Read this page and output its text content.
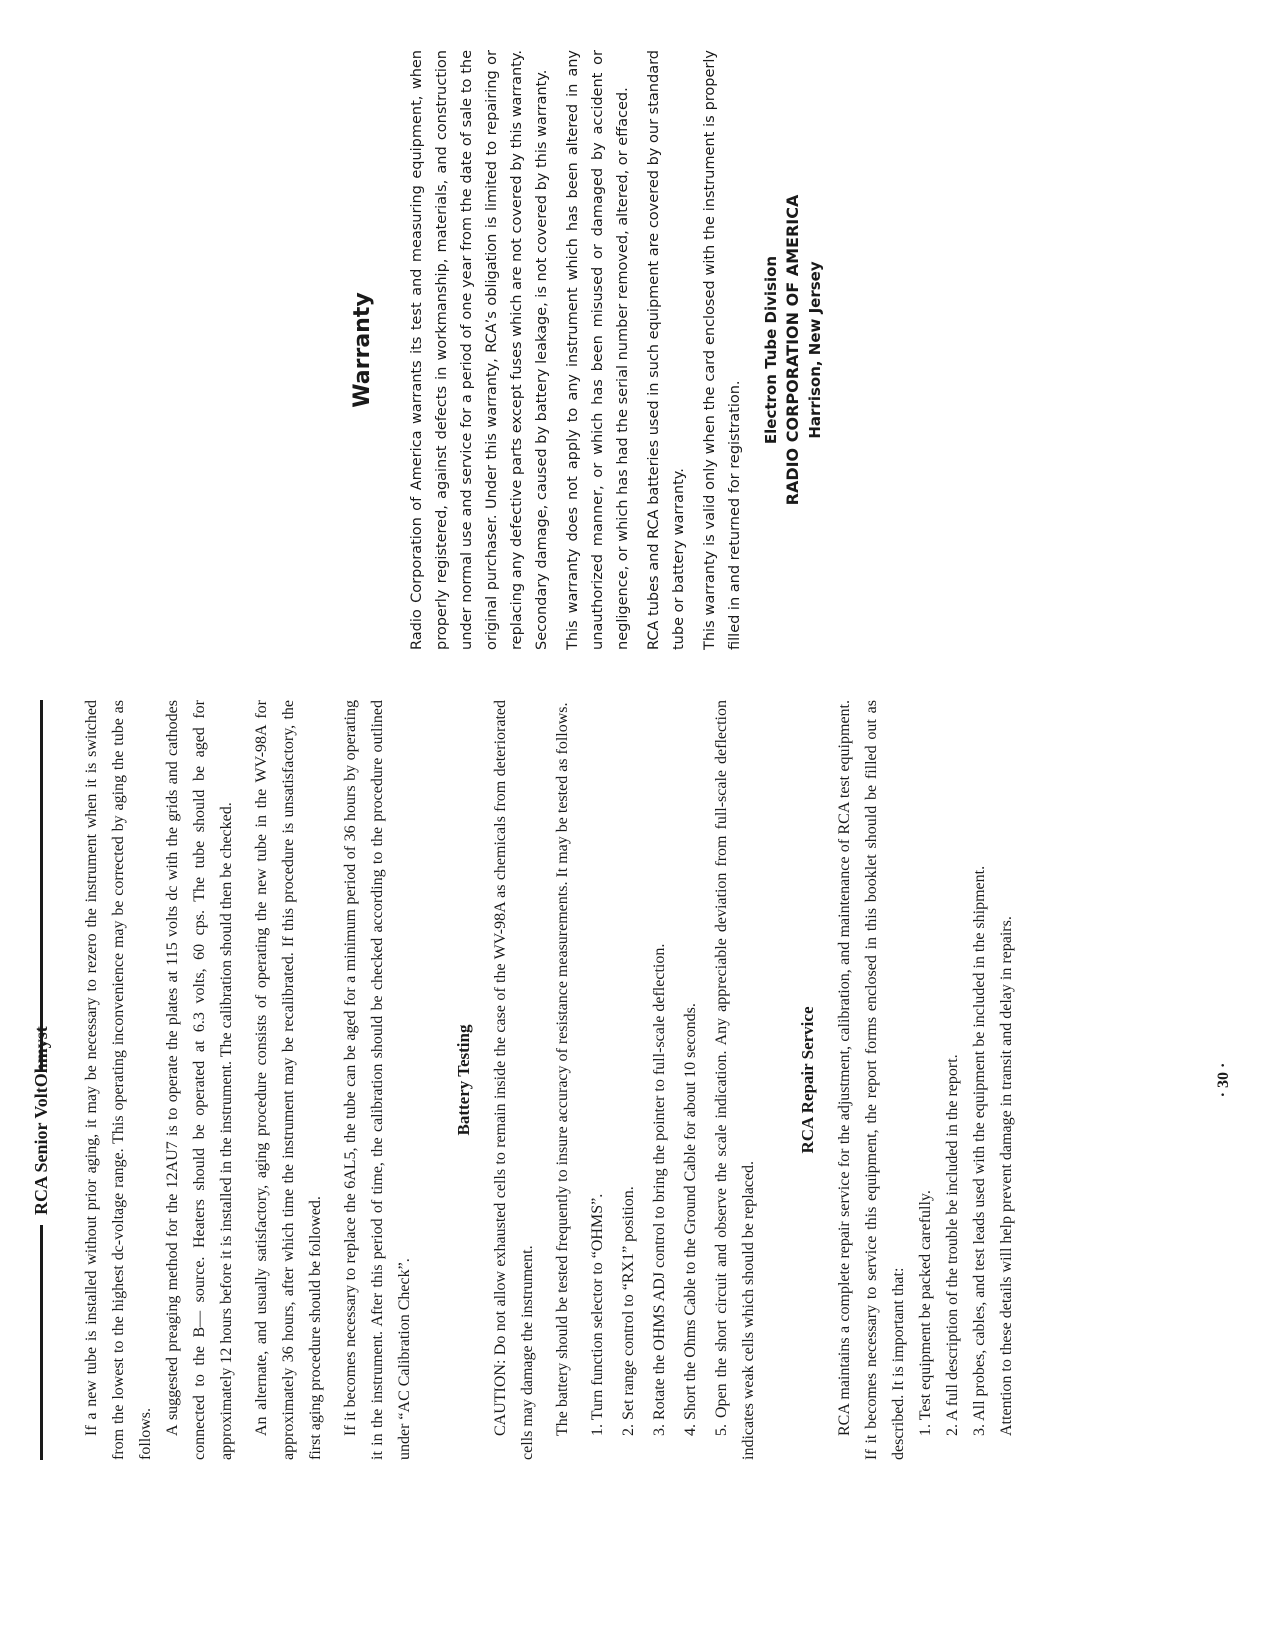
RCA Senior VoltOhmyst	If a new tube is installed without prior aging, it may be necessary to rezero the instrument when it is switched from the lowest to the highest dc-voltage range. This operating inconvenience may be corrected by aging the tube as follows. A suggested preaging method for the 12AU7 is to operate the plates at 115 volts dc with the grids and cathodes connected to the B— source. Heaters should be operated at 6.3 volts, 60 cps. The tube should be aged for approximately 12 hours before it is installed in the instrument. The calibration should then be checked.	An alternate, and usually satisfactory, aging procedure consists of operating the new tube in the WV-98A for approximately 36 hours, after which time the instrument may be recalibrated. If this procedure is unsatisfactory, the first aging procedure should be followed.	If it becomes necessary to replace the 6AL5, the tube can be aged for a minimum period of 36 hours by operating it in the instrument. After this period of time, the calibration should be checked according to the procedure outlined under “AC Calibration Check”.

Battery Testing	CAUTION: Do not allow exhausted cells to remain inside the case of the WV-98A as chemicals from deteriorated cells may damage the instrument.	The battery should be tested frequently to insure accuracy of resistance measurements. It may be tested as follows.	1. Turn function selector to “OHMS”. 2. Set range control to “RX1” position. 3. Rotate the OHMS ADJ control to bring the pointer to full-scale deflection. 4. Short the Ohms Cable to the Ground Cable for about 10 seconds. 5. Open the short circuit and observe the scale indication. Any appreciable deviation from full-scale deflection indicates weak cells which should be replaced.
RCA Repair Service	RCA maintains a complete repair service for the adjustment, calibration, and maintenance of RCA test equipment. If it becomes necessary to service this equipment, the report forms enclosed in this booklet should be filled out as described. It is important that: 1. Test equipment be packed carefully. 2. A full description of the trouble be included in the report. 3. All probes, cables, and test leads used with the equipment be included in the shipment. Attention to these details will help prevent damage in transit and delay in repairs.	· 30 ·
Warranty Radio Corporation of America warrants its test and measuring equipment, when properly registered, against defects in workmanship, materials, and construction under normal use and service for a period of one year from the date of sale to the original purchaser. Under this warranty, RCA’s obligation is limited to repairing or replacing any defective parts except fuses which are not covered by this warranty. Secondary damage, caused by battery leakage, is not covered by this warranty.	This warranty does not apply to any instrument which has been altered in any unauthorized manner, or which has been misused or damaged by accident or negligence, or which has had the serial number removed, altered, or effaced.	RCA tubes and RCA batteries used in such equipment are covered by our standard tube or battery warranty.	This warranty is valid only when the card enclosed with the instrument is properly filled in and returned for registration.

Electron Tube Division RADIO CORPORATION OF AMERICA Harrison, New Jersey
